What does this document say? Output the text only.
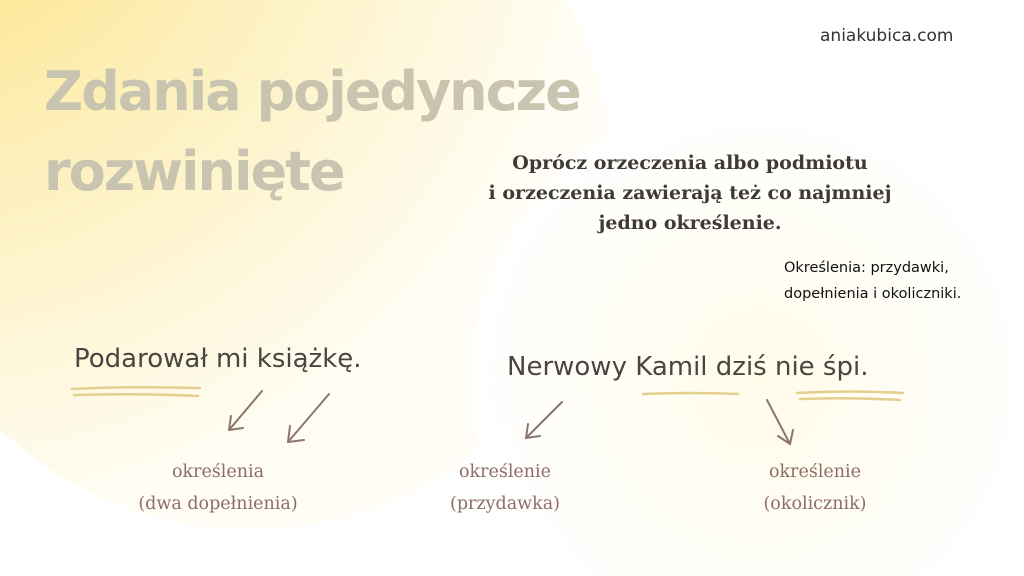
aniakubica.com
Zdania pojedyncze
rozwinięte	Oprócz orzeczenia albo podmiotu
i orzeczenia zawierają też co najmniej
jedno określenie.
Określenia: przydawki,
dopełnienia i okoliczniki.
Podarował mi książkę.	Nerwowy Kamil dziś nie śpi.
określenia
(dwa dopełnienia)
określenie
(przydawka)
określenie
(okolicznik)
